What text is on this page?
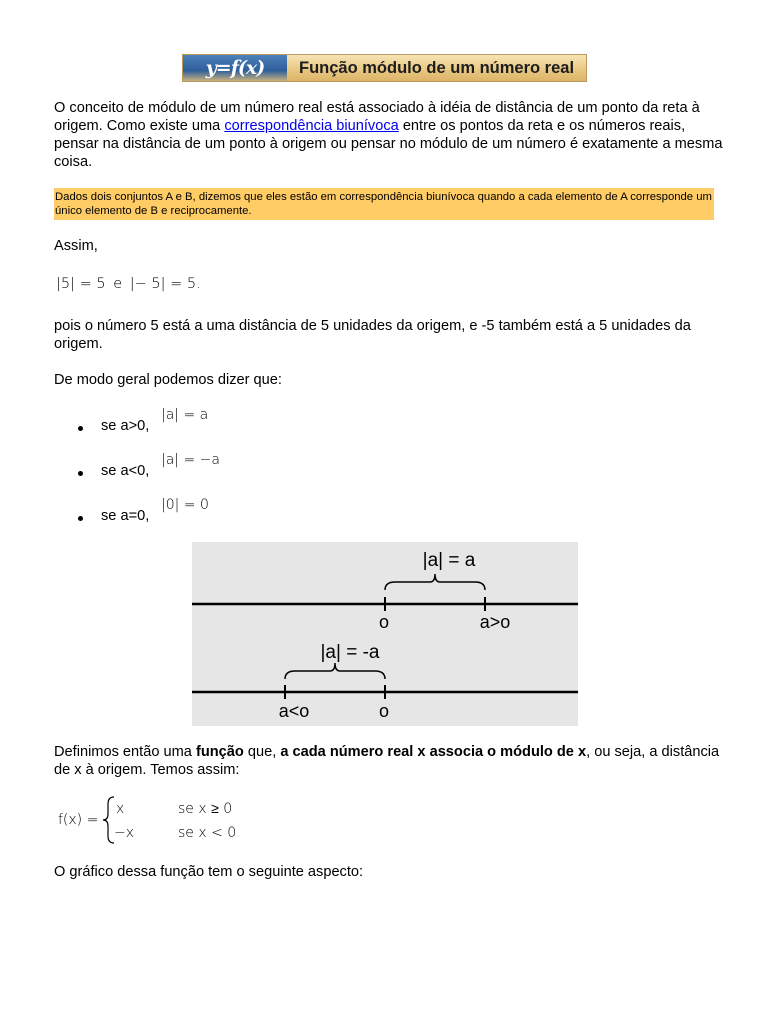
y=f(x)	Função módulo de um número real

O conceito de módulo de um número real está associado à idéia de distância de um ponto da reta à origem. Como existe uma correspondência biunívoca entre os pontos da reta e os números reais, pensar na distância de um ponto à origem ou pensar no módulo de um número é exatamente a mesma coisa.

Dados dois conjuntos A e B, dizemos que eles estão em correspondência biunívoca quando a cada elemento de A corresponde um único elemento de B e reciprocamente.

Assim,

|5| = 5 e |− 5| = 5.

pois o número 5 está a uma distância de 5 unidades da origem, e -5 também está a 5 unidades da origem.

De modo geral podemos dizer que:

se a>0,
|a| = a
se a<0,
|a| = −a
se a=0,
|0| = 0
|a| = a
o	a>o
|a| = -a
a<o	o

Definimos então uma função que, a cada número real x associa o módulo de x, ou seja, a distância de x à origem. Temos assim:

f(x) =
x	se x ≥ 0
−x	se x < 0

O gráfico dessa função tem o seguinte aspecto:
